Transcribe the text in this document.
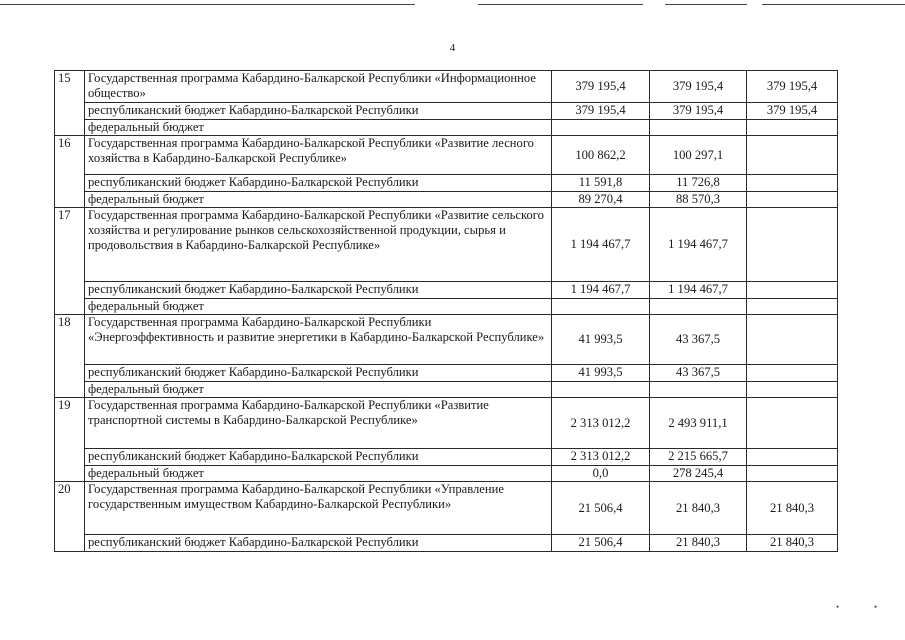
4
15	Государственная программа Кабардино-Балкарской Республики «Информационное общество»	379 195,4	379 195,4	379 195,4
	республиканский бюджет Кабардино-Балкарской Республики	379 195,4	379 195,4	379 195,4
	федеральный бюджет			
16	Государственная программа Кабардино-Балкарской Республики «Развитие лесного хозяйства в Кабардино-Балкарской Республике»	100 862,2	100 297,1	
	республиканский бюджет Кабардино-Балкарской Республики	11 591,8	11 726,8	
	федеральный бюджет	89 270,4	88 570,3	
17	Государственная программа Кабардино-Балкарской Республики «Развитие сельского хозяйства и регулирование рынков сельскохозяйственной продукции, сырья и продовольствия в Кабардино-Балкарской Республике»	1 194 467,7	1 194 467,7	
	республиканский бюджет Кабардино-Балкарской Республики	1 194 467,7	1 194 467,7	
	федеральный бюджет			
18	Государственная программа Кабардино-Балкарской Республики «Энергоэффективность и развитие энергетики в Кабардино-Балкарской Республике»	41 993,5	43 367,5	
	республиканский бюджет Кабардино-Балкарской Республики	41 993,5	43 367,5	
	федеральный бюджет			
19	Государственная программа Кабардино-Балкарской Республики «Развитие транспортной системы в Кабардино-Балкарской Республике»	2 313 012,2	2 493 911,1	
	республиканский бюджет Кабардино-Балкарской Республики	2 313 012,2	2 215 665,7	
	федеральный бюджет	0,0	278 245,4	
20	Государственная программа Кабардино-Балкарской Республики «Управление государственным имуществом Кабардино-Балкарской Республики»	21 506,4	21 840,3	21 840,3
	республиканский бюджет Кабардино-Балкарской Республики	21 506,4	21 840,3	21 840,3
•	•
